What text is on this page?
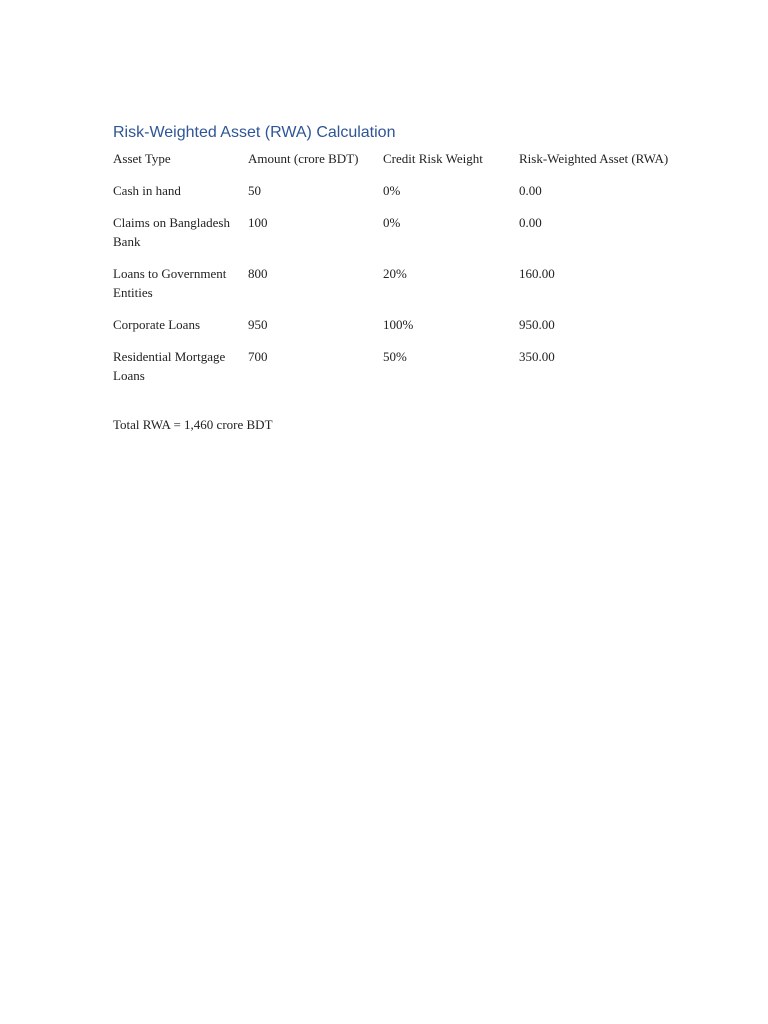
Risk-Weighted Asset (RWA) Calculation
Asset Type	Amount (crore BDT)	Credit Risk Weight	Risk-Weighted Asset (RWA)
Cash in hand	50	0%	0.00
Claims on Bangladesh Bank	100	0%	0.00
Loans to Government Entities	800	20%	160.00
Corporate Loans	950	100%	950.00
Residential Mortgage Loans	700	50%	350.00
Total RWA = 1,460 crore BDT
